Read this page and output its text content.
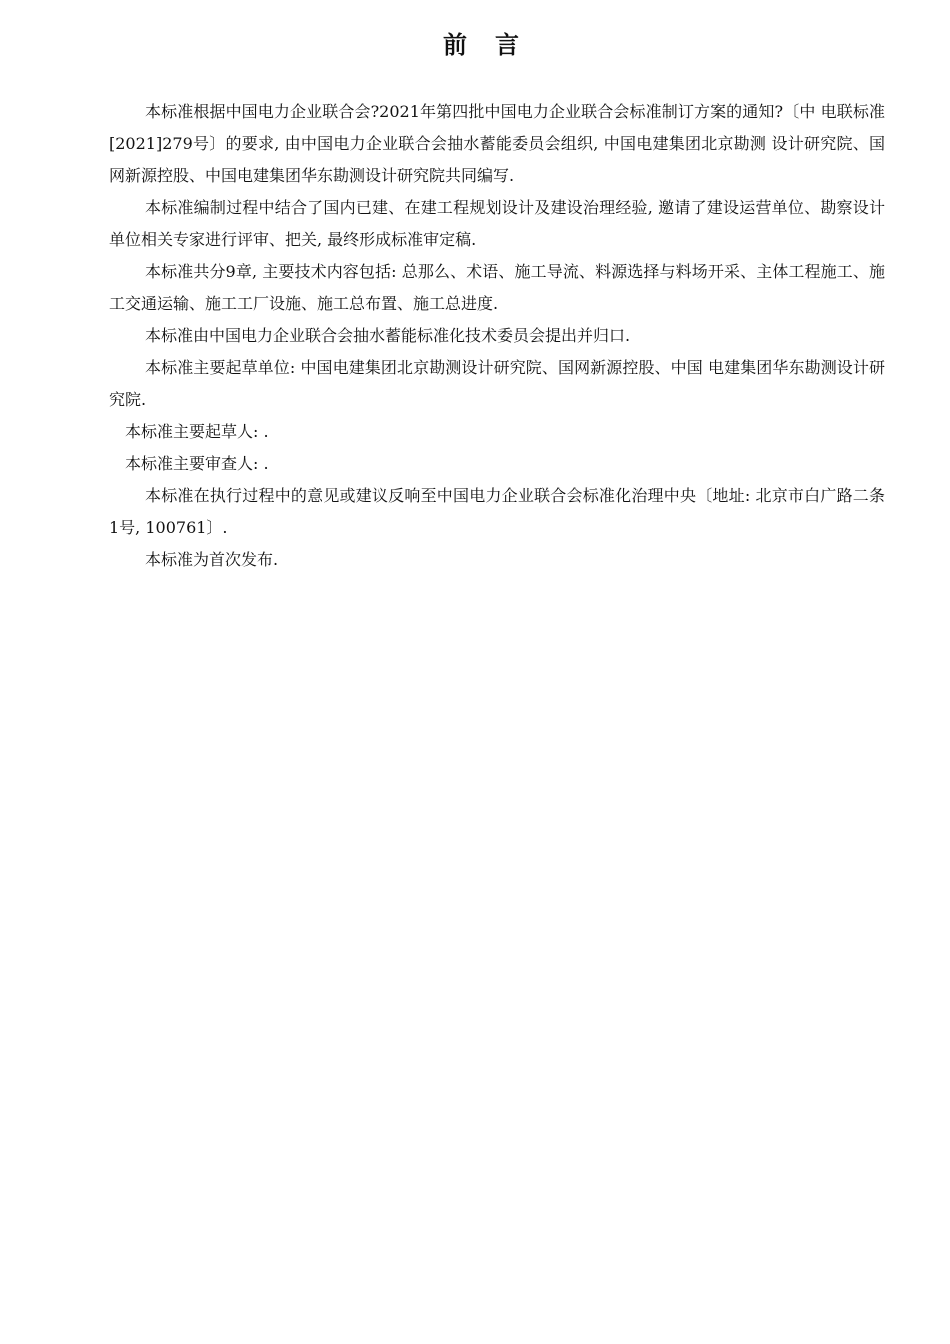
前言

本标准根据中国电力企业联合会?2021年第四批中国电力企业联合会标准制订方案的通知?〔中 电联标准[2021]279号〕的要求, 由中国电力企业联合会抽水蓄能委员会组织, 中国电建集团北京勘测 设计研究院、国网新源控股、中国电建集团华东勘测设计研究院共同编写.

本标准编制过程中结合了国内已建、在建工程规划设计及建设治理经验, 邀请了建设运营单位、勘察设计单位相关专家进行评审、把关, 最终形成标准审定稿.

本标准共分9章, 主要技术内容包括: 总那么、术语、施工导流、料源选择与料场开采、主体工程施工、施工交通运输、施工工厂设施、施工总布置、施工总进度.

本标准由中国电力企业联合会抽水蓄能标准化技术委员会提出并归口.

本标准主要起草单位: 中国电建集团北京勘测设计研究院、国网新源控股、中国 电建集团华东勘测设计研究院.

本标准主要起草人: .

本标准主要审查人: .

本标准在执行过程中的意见或建议反响至中国电力企业联合会标准化治理中央〔地址: 北京市白广路二条1号, 100761〕.

本标准为首次发布.
